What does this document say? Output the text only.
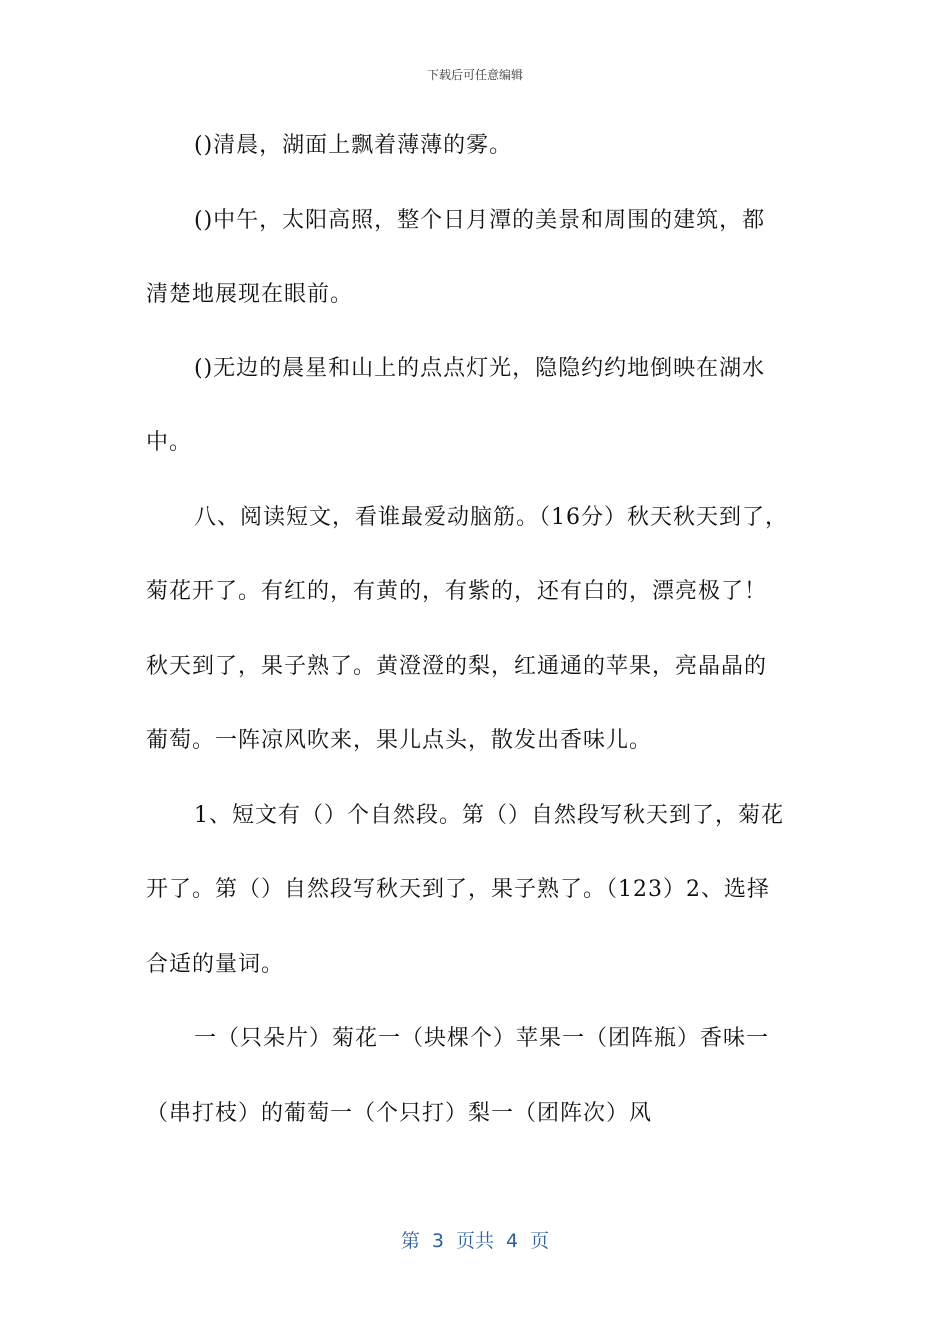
下载后可任意编辑
()清晨，湖面上飘着薄薄的雾。
()中午，太阳高照，整个日月潭的美景和周围的建筑，都
清楚地展现在眼前。
()无边的晨星和山上的点点灯光，隐隐约约地倒映在湖水
中。
八、阅读短文，看谁最爱动脑筋。（16分）秋天秋天到了，
菊花开了。有红的，有黄的，有紫的，还有白的，漂亮极了！
秋天到了，果子熟了。黄澄澄的梨，红通通的苹果，亮晶晶的
葡萄。一阵凉风吹来，果儿点头，散发出香味儿。
1、短文有（）个自然段。第（）自然段写秋天到了，菊花
开了。第（）自然段写秋天到了，果子熟了。（123）2、选择
合适的量词。
一（只朵片）菊花一（块棵个）苹果一（团阵瓶）香味一
（串打枝）的葡萄一（个只打）梨一（团阵次）风
第 3 页共 4 页
